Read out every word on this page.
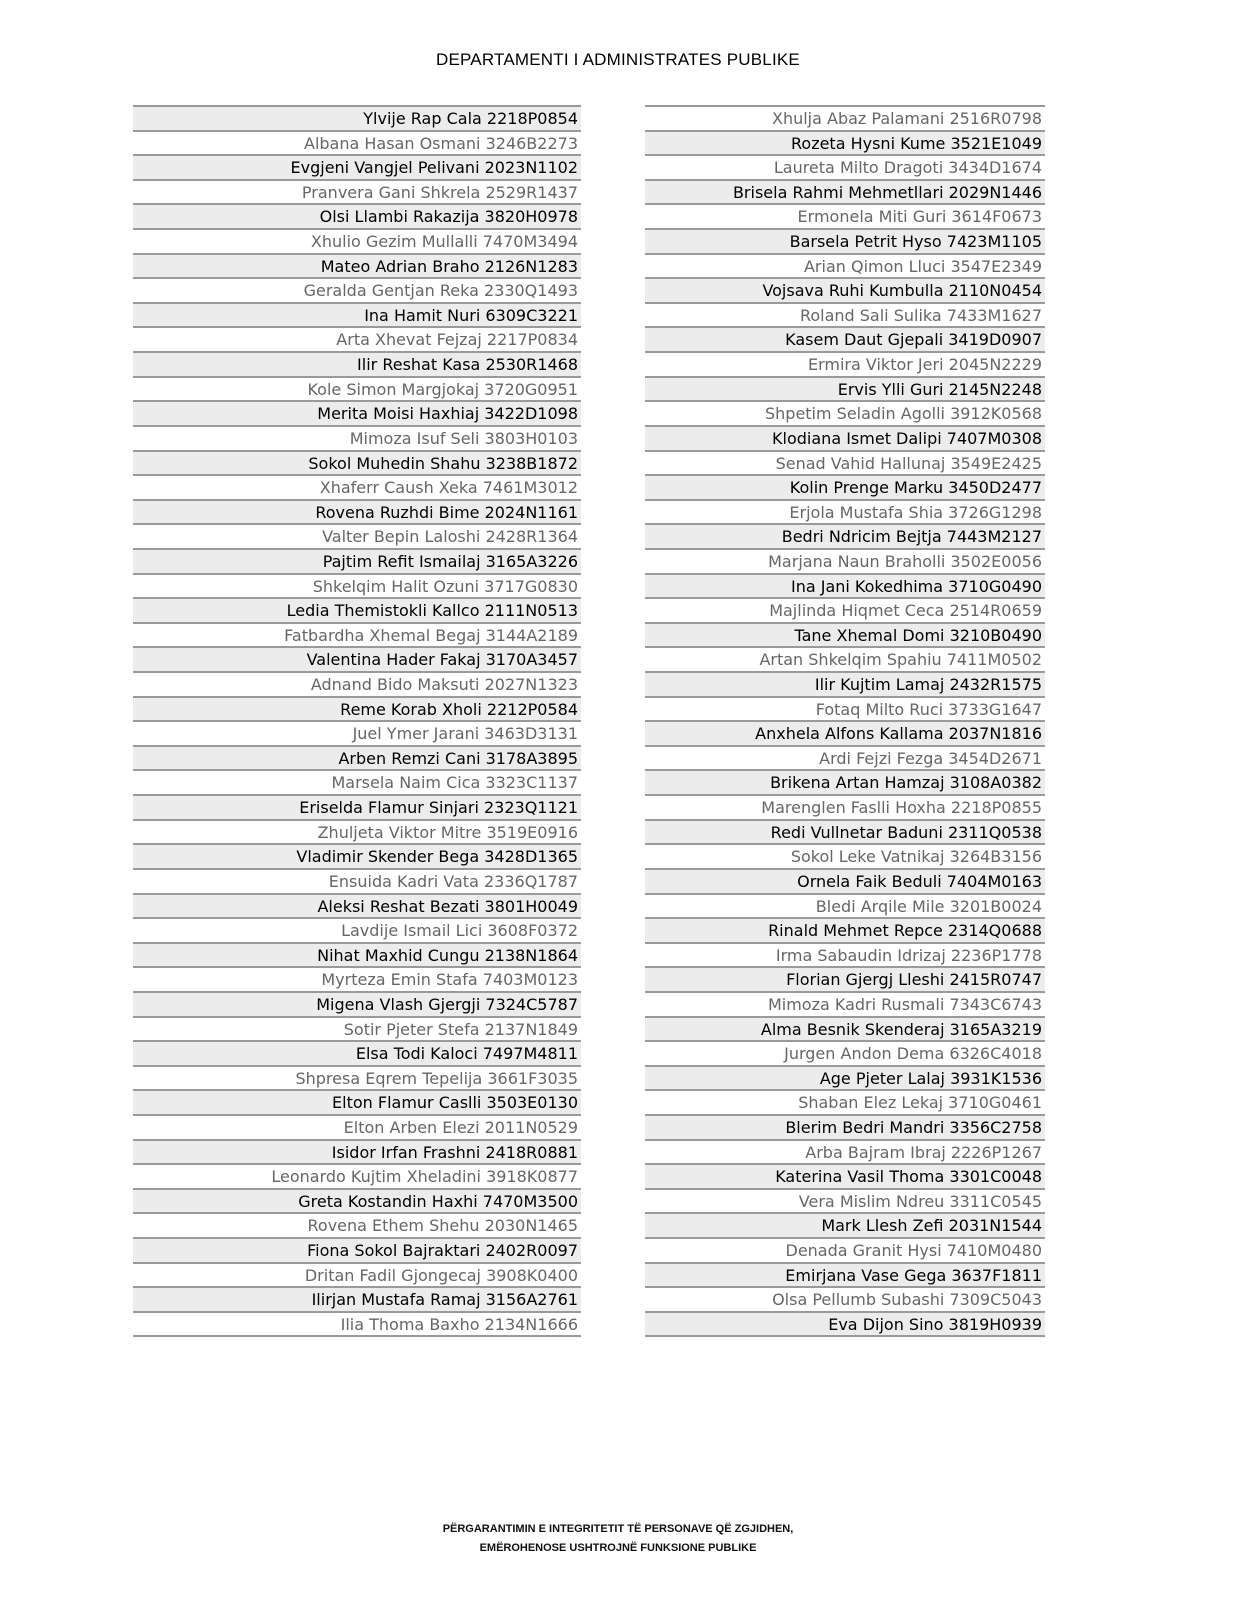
DEPARTAMENTI I ADMINISTRATES PUBLIKE
Ylvije Rap Cala 2218P0854
Albana Hasan Osmani 3246B2273
Evgjeni Vangjel Pelivani 2023N1102
Pranvera Gani Shkrela 2529R1437
Olsi Llambi Rakazija 3820H0978
Xhulio Gezim Mullalli 7470M3494
Mateo Adrian Braho 2126N1283
Geralda Gentjan Reka 2330Q1493
Ina Hamit Nuri 6309C3221
Arta Xhevat Fejzaj 2217P0834
Ilir Reshat Kasa 2530R1468
Kole Simon Margjokaj 3720G0951
Merita Moisi Haxhiaj 3422D1098
Mimoza Isuf Seli 3803H0103
Sokol Muhedin Shahu 3238B1872
Xhaferr Caush Xeka 7461M3012
Rovena Ruzhdi Bime 2024N1161
Valter Bepin Laloshi 2428R1364
Pajtim Refit Ismailaj 3165A3226
Shkelqim Halit Ozuni 3717G0830
Ledia Themistokli Kallco 2111N0513
Fatbardha Xhemal Begaj 3144A2189
Valentina Hader Fakaj 3170A3457
Adnand Bido Maksuti 2027N1323
Reme Korab Xholi 2212P0584
Juel Ymer Jarani 3463D3131
Arben Remzi Cani 3178A3895
Marsela Naim Cica 3323C1137
Eriselda Flamur Sinjari 2323Q1121
Zhuljeta Viktor Mitre 3519E0916
Vladimir Skender Bega 3428D1365
Ensuida Kadri Vata 2336Q1787
Aleksi Reshat Bezati 3801H0049
Lavdije Ismail Lici 3608F0372
Nihat Maxhid Cungu 2138N1864
Myrteza Emin Stafa 7403M0123
Migena Vlash Gjergji 7324C5787
Sotir Pjeter Stefa 2137N1849
Elsa Todi Kaloci 7497M4811
Shpresa Eqrem Tepelija 3661F3035
Elton Flamur Caslli 3503E0130
Elton Arben Elezi 2011N0529
Isidor Irfan Frashni 2418R0881
Leonardo Kujtim Xheladini 3918K0877
Greta Kostandin Haxhi 7470M3500
Rovena Ethem Shehu 2030N1465
Fiona Sokol Bajraktari 2402R0097
Dritan Fadil Gjongecaj 3908K0400
Ilirjan Mustafa Ramaj 3156A2761
Ilia Thoma Baxho 2134N1666
Xhulja Abaz Palamani 2516R0798
Rozeta Hysni Kume 3521E1049
Laureta Milto Dragoti 3434D1674
Brisela Rahmi Mehmetllari 2029N1446
Ermonela Miti Guri 3614F0673
Barsela Petrit Hyso 7423M1105
Arian Qimon Lluci 3547E2349
Vojsava Ruhi Kumbulla 2110N0454
Roland Sali Sulika 7433M1627
Kasem Daut Gjepali 3419D0907
Ermira Viktor Jeri 2045N2229
Ervis Ylli Guri 2145N2248
Shpetim Seladin Agolli 3912K0568
Klodiana Ismet Dalipi 7407M0308
Senad Vahid Hallunaj 3549E2425
Kolin Prenge Marku 3450D2477
Erjola Mustafa Shia 3726G1298
Bedri Ndricim Bejtja 7443M2127
Marjana Naun Braholli 3502E0056
Ina Jani Kokedhima 3710G0490
Majlinda Hiqmet Ceca 2514R0659
Tane Xhemal Domi 3210B0490
Artan Shkelqim Spahiu 7411M0502
Ilir Kujtim Lamaj 2432R1575
Fotaq Milto Ruci 3733G1647
Anxhela Alfons Kallama 2037N1816
Ardi Fejzi Fezga 3454D2671
Brikena Artan Hamzaj 3108A0382
Marenglen Faslli Hoxha 2218P0855
Redi Vullnetar Baduni 2311Q0538
Sokol Leke Vatnikaj 3264B3156
Ornela Faik Beduli 7404M0163
Bledi Arqile Mile 3201B0024
Rinald Mehmet Repce 2314Q0688
Irma Sabaudin Idrizaj 2236P1778
Florian Gjergj Lleshi 2415R0747
Mimoza Kadri Rusmali 7343C6743
Alma Besnik Skenderaj 3165A3219
Jurgen Andon Dema 6326C4018
Age Pjeter Lalaj 3931K1536
Shaban Elez Lekaj 3710G0461
Blerim Bedri Mandri 3356C2758
Arba Bajram Ibraj 2226P1267
Katerina Vasil Thoma 3301C0048
Vera Mislim Ndreu 3311C0545
Mark Llesh Zefi 2031N1544
Denada Granit Hysi 7410M0480
Emirjana Vase Gega 3637F1811
Olsa Pellumb Subashi 7309C5043
Eva Dijon Sino 3819H0939
PËRGARANTIMIN E INTEGRITETIT TË PERSONAVE QË ZGJIDHEN,
EMËROHENOSE USHTROJNË FUNKSIONE PUBLIKE
